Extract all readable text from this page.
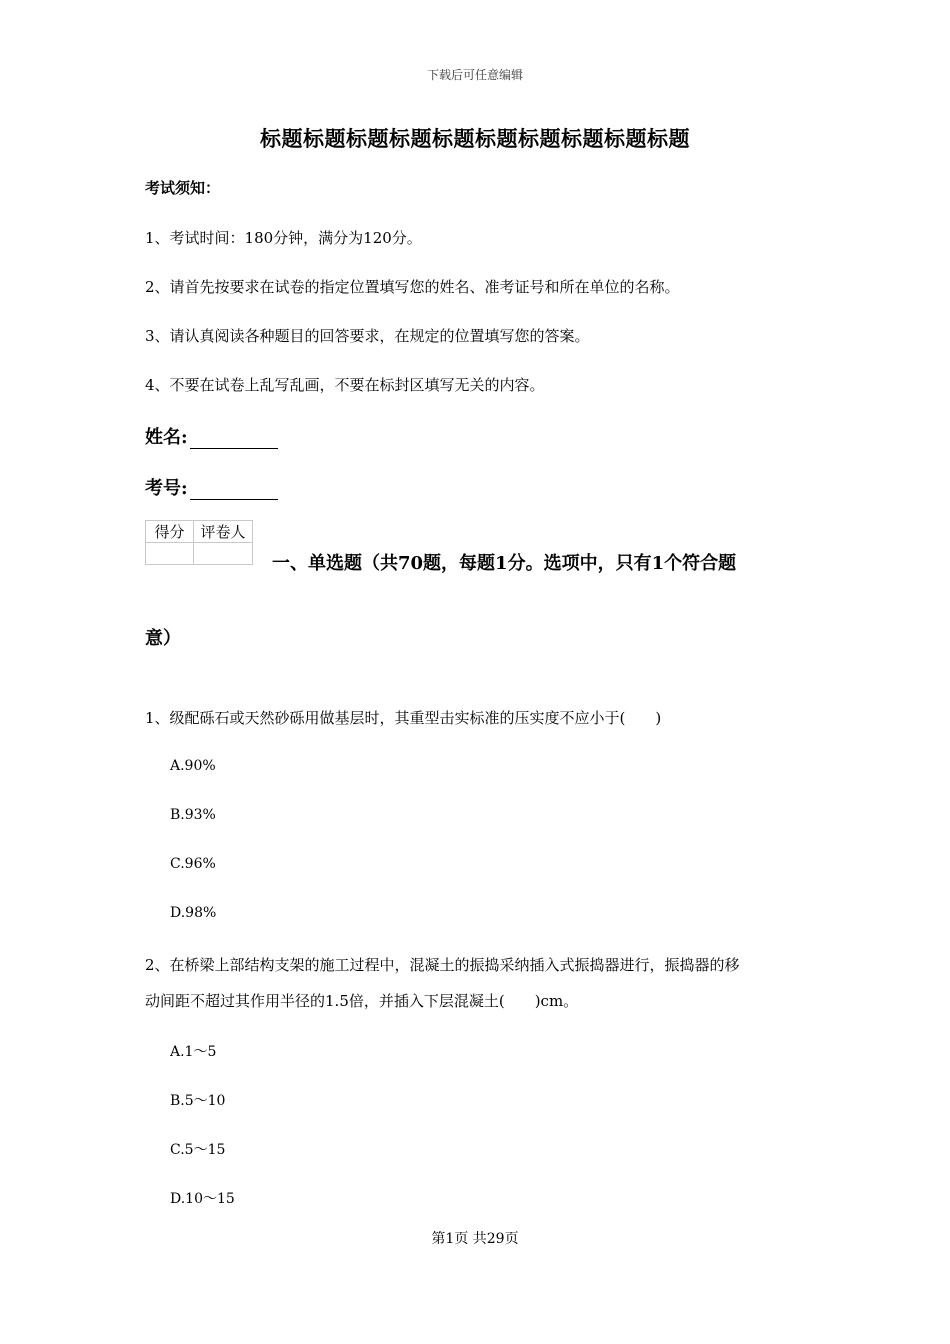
下载后可任意编辑
标题标题标题标题标题标题标题标题标题标题
考试须知：
1、考试时间：180分钟，满分为120分。
2、请首先按要求在试卷的指定位置填写您的姓名、准考证号和所在单位的名称。
3、请认真阅读各种题目的回答要求，在规定的位置填写您的答案。
4、不要在试卷上乱写乱画，不要在标封区填写无关的内容。
姓名:
考号:
得分	评卷人

一、单选题（共70题，每题1分。选项中，只有1个符合题
意）
1、级配砾石或天然砂砾用做基层时，其重型击实标准的压实度不应小于(　　)
A.90%
B.93%
C.96%
D.98%
2、在桥梁上部结构支架的施工过程中，混凝土的振捣采纳插入式振捣器进行，振捣器的移
动间距不超过其作用半径的1.5倍，并插入下层混凝土(　　)cm。
A.1～5
B.5～10
C.5～15
D.10～15
第1页 共29页
